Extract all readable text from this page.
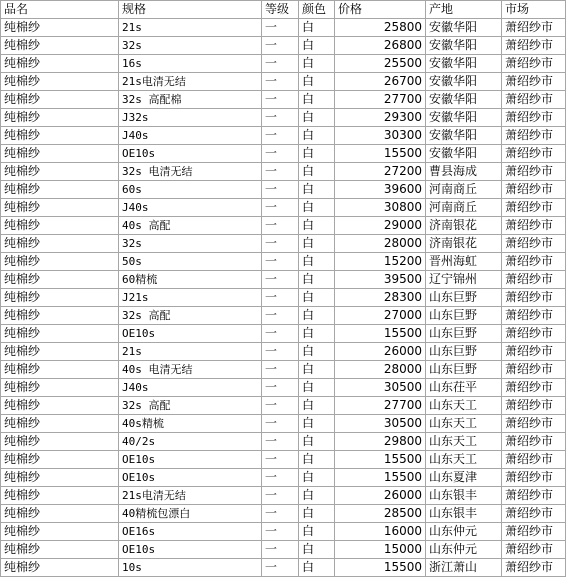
品名	规格	等级	颜色	价格	产地	市场
纯棉纱	21s	一	白	25800	安徽华阳	萧绍纱市
纯棉纱	32s	一	白	26800	安徽华阳	萧绍纱市
纯棉纱	16s	一	白	25500	安徽华阳	萧绍纱市
纯棉纱	21s电清无结	一	白	26700	安徽华阳	萧绍纱市
纯棉纱	32s 高配棉	一	白	27700	安徽华阳	萧绍纱市
纯棉纱	J32s	一	白	29300	安徽华阳	萧绍纱市
纯棉纱	J40s	一	白	30300	安徽华阳	萧绍纱市
纯棉纱	OE10s	一	白	15500	安徽华阳	萧绍纱市
纯棉纱	32s 电清无结	一	白	27200	曹县海成	萧绍纱市
纯棉纱	60s	一	白	39600	河南商丘	萧绍纱市
纯棉纱	J40s	一	白	30800	河南商丘	萧绍纱市
纯棉纱	40s 高配	一	白	29000	济南银花	萧绍纱市
纯棉纱	32s	一	白	28000	济南银花	萧绍纱市
纯棉纱	50s	一	白	15200	晋州海虹	萧绍纱市
纯棉纱	60精梳	一	白	39500	辽宁锦州	萧绍纱市
纯棉纱	J21s	一	白	28300	山东巨野	萧绍纱市
纯棉纱	32s 高配	一	白	27000	山东巨野	萧绍纱市
纯棉纱	OE10s	一	白	15500	山东巨野	萧绍纱市
纯棉纱	21s	一	白	26000	山东巨野	萧绍纱市
纯棉纱	40s 电清无结	一	白	28000	山东巨野	萧绍纱市
纯棉纱	J40s	一	白	30500	山东茌平	萧绍纱市
纯棉纱	32s 高配	一	白	27700	山东天工	萧绍纱市
纯棉纱	40s精梳	一	白	30500	山东天工	萧绍纱市
纯棉纱	40/2s	一	白	29800	山东天工	萧绍纱市
纯棉纱	OE10s	一	白	15500	山东天工	萧绍纱市
纯棉纱	OE10s	一	白	15500	山东夏津	萧绍纱市
纯棉纱	21s电清无结	一	白	26000	山东银丰	萧绍纱市
纯棉纱	40精梳包漂白	一	白	28500	山东银丰	萧绍纱市
纯棉纱	OE16s	一	白	16000	山东仲元	萧绍纱市
纯棉纱	OE10s	一	白	15000	山东仲元	萧绍纱市
纯棉纱	10s	一	白	15500	浙江萧山	萧绍纱市
